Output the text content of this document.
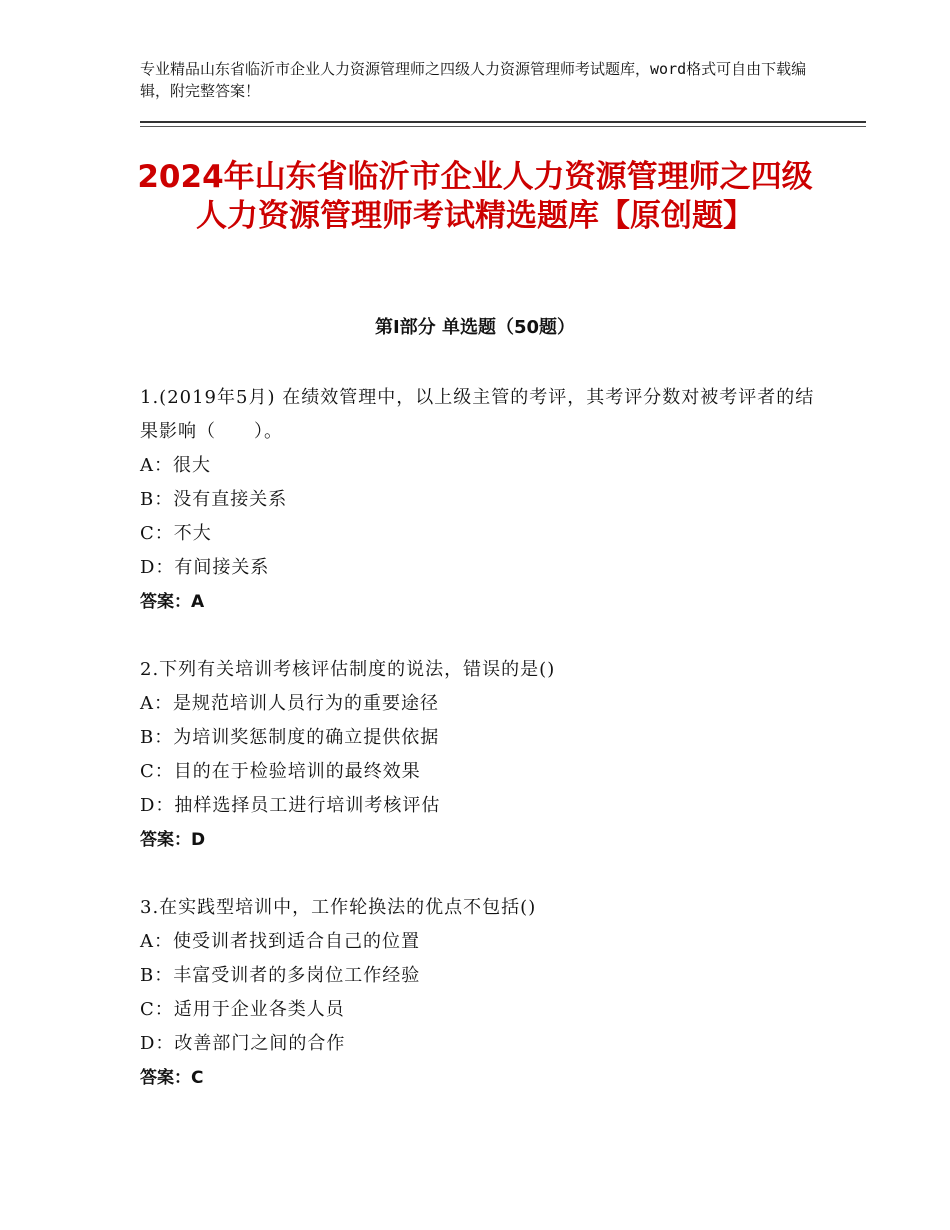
专业精品山东省临沂市企业人力资源管理师之四级人力资源管理师考试题库，word格式可自由下载编辑，附完整答案！
2024年山东省临沂市企业人力资源管理师之四级人力资源管理师考试精选题库【原创题】
第Ⅰ部分 单选题（50题）

1.(2019年5月) 在绩效管理中，以上级主管的考评，其考评分数对被考评者的结果影响（　　）。

A：很大

B：没有直接关系

C：不大

D：有间接关系

答案：A

2.下列有关培训考核评估制度的说法，错误的是()

A：是规范培训人员行为的重要途径

B：为培训奖惩制度的确立提供依据

C：目的在于检验培训的最终效果

D：抽样选择员工进行培训考核评估

答案：D

3.在实践型培训中，工作轮换法的优点不包括()

A：使受训者找到适合自己的位置

B：丰富受训者的多岗位工作经验

C：适用于企业各类人员

D：改善部门之间的合作

答案：C
